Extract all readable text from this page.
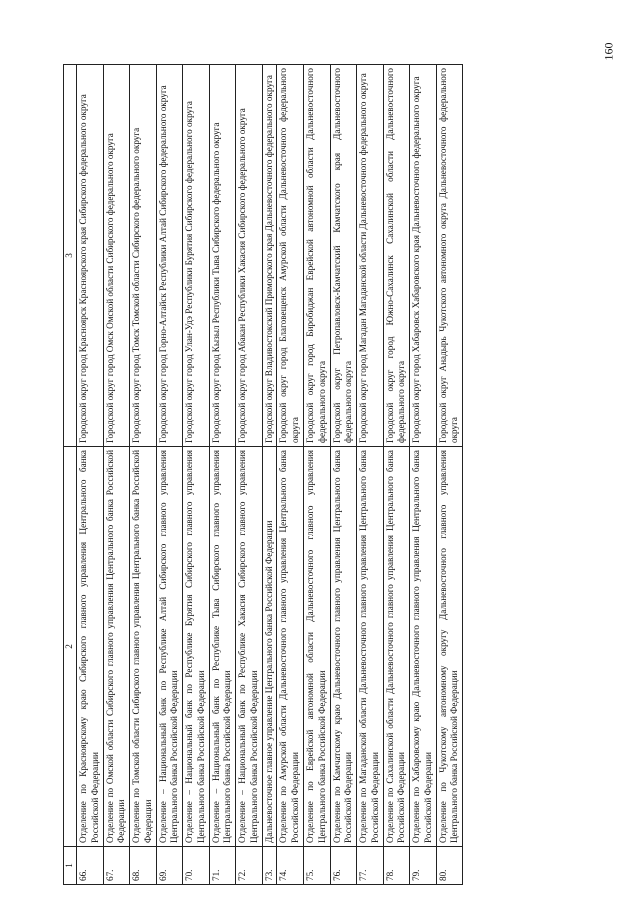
160
1	2	3
66.	Отделение по Красноярскому краю Сибирского главного управления Центрального банка Российской Федерации	Городской округ город Красноярск Красноярского края Сибирского федерального округа
67.	Отделение по Омской области Сибирского главного управления Центрального банка Российской Федерации	Городской округ город Омск Омской области Сибирского федерального округа
68.	Отделение по Томской области Сибирского главного управления Центрального банка Российской Федерации	Городской округ город Томск Томской области Сибирского федерального округа
69.	Отделение – Национальный банк по Республике Алтай Сибирского главного управления Центрального банка Российской Федерации	Городской округ город Горно-Алтайск Республики Алтай Сибирского федерального округа
70.	Отделение – Национальный банк по Республике Бурятия Сибирского главного управления Центрального банка Российской Федерации	Городской округ город Улан-Удэ Республики Бурятия Сибирского федерального округа
71.	Отделение – Национальный банк по Республике Тыва Сибирского главного управления Центрального банка Российской Федерации	Городской округ город Кызыл Республики Тыва Сибирского федерального округа
72.	Отделение – Национальный банк по Республике Хакасия Сибирского главного управления Центрального банка Российской Федерации	Городской округ город Абакан Республики Хакасия Сибирского федерального округа
73.	Дальневосточное главное управление Центрального банка Российской Федерации	Городской округ Владивостокский Приморского края Дальневосточного федерального округа
74.	Отделение по Амурской области Дальневосточного главного управления Центрального банка Российской Федерации	Городской округ город Благовещенск Амурской области Дальневосточного федерального округа
75.	Отделение по Еврейской автономной области Дальневосточного главного управления Центрального банка Российской Федерации	Городской округ город Биробиджан Еврейской автономной области Дальневосточного федерального округа
76.	Отделение по Камчатскому краю Дальневосточного главного управления Центрального банка Российской Федерации	Городской округ Петропавловск-Камчатский Камчатского края Дальневосточного федерального округа
77.	Отделение по Магаданской области Дальневосточного главного управления Центрального банка Российской Федерации	Городской округ город Магадан Магаданской области Дальневосточного федерального округа
78.	Отделение по Сахалинской области Дальневосточного главного управления Центрального банка Российской Федерации	Городской округ город Южно-Сахалинск Сахалинской области Дальневосточного федерального округа
79.	Отделение по Хабаровскому краю Дальневосточного главного управления Центрального банка Российской Федерации	Городской округ город Хабаровск Хабаровского края Дальневосточного федерального округа
80.	Отделение по Чукотскому автономному округу Дальневосточного главного управления Центрального банка Российской Федерации	Городской округ Анадырь Чукотского автономного округа Дальневосточного федерального округа
